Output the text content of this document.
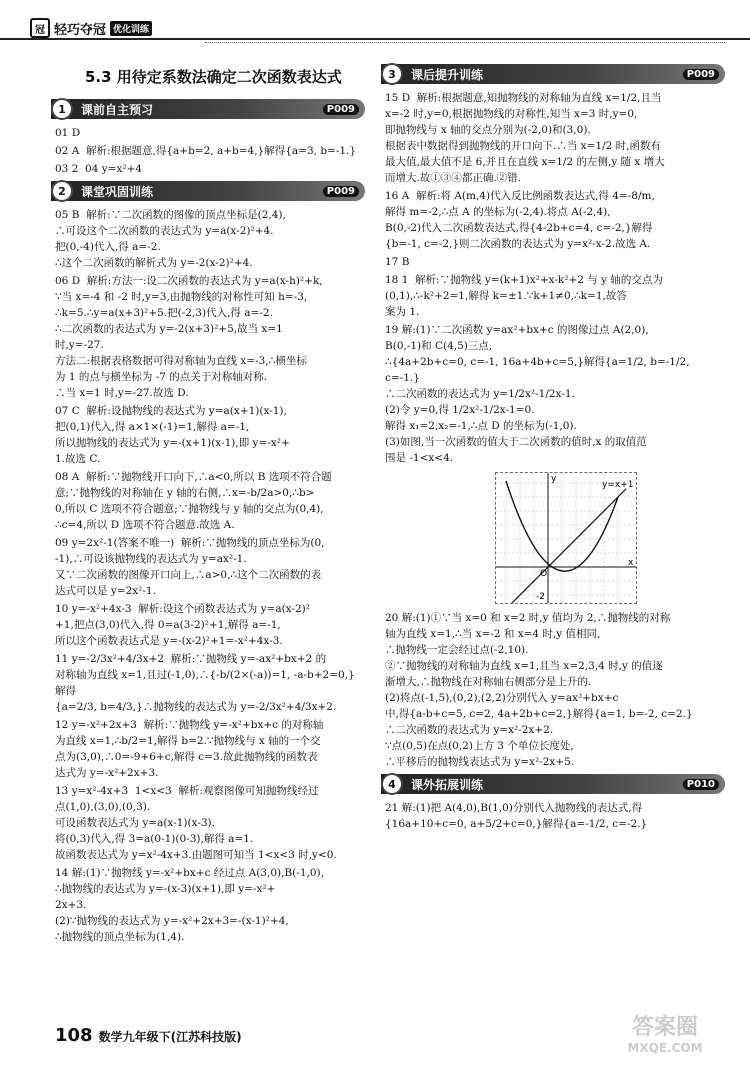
冠 轻巧夺冠 优化训练
5.3 用待定系数法确定二次函数表达式
1	课前自主预习	P009
01 D
02 A  解析:根据题意,得{a+b=2, a+b=4,}解得{a=3, b=-1.}
03 2  04 y=x²+4
2	课堂巩固训练	P009
05 B  解析:∵二次函数的图像的顶点坐标是(2,4),
∴可设这个二次函数的表达式为 y=a(x-2)²+4.
把(0,-4)代入,得 a=-2.
∴这个二次函数的解析式为 y=-2(x-2)²+4.
06 D  解析:方法一:设二次函数的表达式为 y=a(x-h)²+k,
∵当 x=-4 和 -2 时,y=3,由抛物线的对称性可知 h=-3,
∴k=5.∴y=a(x+3)²+5.把(-2,3)代入,得 a=-2.
∴二次函数的表达式为 y=-2(x+3)²+5,故当 x=1
时,y=-27.
方法二:根据表格数据可得对称轴为直线 x=-3,∴横坐标
为 1 的点与横坐标为 -7 的点关于对称轴对称.
∴当 x=1 时,y=-27.故选 D.
07 C  解析:设抛物线的表达式为 y=a(x+1)(x-1),
把(0,1)代入,得 a×1×(-1)=1,解得 a=-1,
所以抛物线的表达式为 y=-(x+1)(x-1),即 y=-x²+
1.故选 C.
08 A  解析:∵抛物线开口向下,∴a<0,所以 B 选项不符合题
意;∵抛物线的对称轴在 y 轴的右侧,∴x=-b/2a>0,∴b>
0,所以 C 选项不符合题意;∵抛物线与 y 轴的交点为(0,4),
∴c=4,所以 D 选项不符合题意.故选 A.
09 y=2x²-1(答案不唯一)  解析:∵抛物线的顶点坐标为(0,
-1),∴可设该抛物线的表达式为 y=ax²-1.
又∵二次函数的图像开口向上,∴a>0,∴这个二次函数的表
达式可以是 y=2x²-1.
10 y=-x²+4x-3  解析:设这个函数表达式为 y=a(x-2)²
+1,把点(3,0)代入,得 0=a(3-2)²+1,解得 a=-1,
所以这个函数表达式是 y=-(x-2)²+1=-x²+4x-3.
11 y=-2/3x²+4/3x+2  解析:∵抛物线 y=-ax²+bx+2 的
对称轴为直线 x=1,且过(-1,0),∴{-b/(2×(-a))=1, -a-b+2=0,}解得
{a=2/3, b=4/3,}∴抛物线的表达式为 y=-2/3x²+4/3x+2.
12 y=-x²+2x+3  解析:∵抛物线 y=-x²+bx+c 的对称轴
为直线 x=1,∴b/2=1,解得 b=2.∵抛物线与 x 轴的一个交
点为(3,0),∴0=-9+6+c,解得 c=3.故此抛物线的函数表
达式为 y=-x²+2x+3.
13 y=x²-4x+3  1<x<3  解析:观察图像可知抛物线经过
点(1,0),(3,0),(0,3).
可设函数表达式为 y=a(x-1)(x-3).
将(0,3)代入,得 3=a(0-1)(0-3),解得 a=1.
故函数表达式为 y=x²-4x+3.由题图可知当 1<x<3 时,y<0.
14 解:(1)∵抛物线 y=-x²+bx+c 经过点 A(3,0),B(-1,0),
∴抛物线的表达式为 y=-(x-3)(x+1),即 y=-x²+
2x+3.
(2)∵抛物线的表达式为 y=-x²+2x+3=-(x-1)²+4,
∴抛物线的顶点坐标为(1,4).
3	课后提升训练	P009
15 D  解析:根据题意,知抛物线的对称轴为直线 x=1/2,且当
x=-2 时,y=0,根据抛物线的对称性,知当 x=3 时,y=0,
即抛物线与 x 轴的交点分别为(-2,0)和(3,0).
根据表中数据得到抛物线的开口向下.∴当 x=1/2 时,函数有
最大值,最大值不是 6,并且在直线 x=1/2 的左侧,y 随 x 增大
而增大.故①③④都正确.②错.
16 A  解析:将 A(m,4)代入反比例函数表达式,得 4=-8/m,
解得 m=-2,∴点 A 的坐标为(-2,4).将点 A(-2,4),
B(0,-2)代入二次函数表达式,得{4-2b+c=4, c=-2,}解得
{b=-1, c=-2,}则二次函数的表达式为 y=x²-x-2.故选 A.
17 B
18 1  解析:∵抛物线 y=(k+1)x²+x-k²+2 与 y 轴的交点为
(0,1),∴-k²+2=1,解得 k=±1.∵k+1≠0,∴k=1,故答
案为 1.
19 解:(1)∵二次函数 y=ax²+bx+c 的图像过点 A(2,0),
B(0,-1)和 C(4,5)三点,
∴{4a+2b+c=0, c=-1, 16a+4b+c=5,}解得{a=1/2, b=-1/2, c=-1.}
∴二次函数的表达式为 y=1/2x²-1/2x-1.
(2)令 y=0,得 1/2x²-1/2x-1=0.
解得 x₁=2,x₂=-1,∴点 D 的坐标为(-1,0).
(3)如图,当一次函数的值大于二次函数的值时,x 的取值范
围是 -1<x<4.
y=x+1
O
x
y
-2
20 解:(1)①∵当 x=0 和 x=2 时,y 值均为 2,∴抛物线的对称
轴为直线 x=1,∴当 x=-2 和 x=4 时,y 值相同,
∴抛物线一定会经过点(-2,10).
②∵抛物线的对称轴为直线 x=1,且当 x=2,3,4 时,y 的值逐
渐增大,∴抛物线在对称轴右侧部分是上升的.
(2)将点(-1,5),(0,2),(2,2)分别代入 y=ax²+bx+c
中,得{a-b+c=5, c=2, 4a+2b+c=2,}解得{a=1, b=-2, c=2.}
∴二次函数的表达式为 y=x²-2x+2.
∵点(0,5)在点(0,2)上方 3 个单位长度处,
∴平移后的抛物线表达式为 y=x²-2x+5.
4	课外拓展训练	P010
21 解:(1)把 A(4,0),B(1,0)分别代入抛物线的表达式,得
{16a+10+c=0, a+5/2+c=0,}解得{a=-1/2, c=-2.}
108 数学九年级下(江苏科技版)	答案圈
MXQE.COM
